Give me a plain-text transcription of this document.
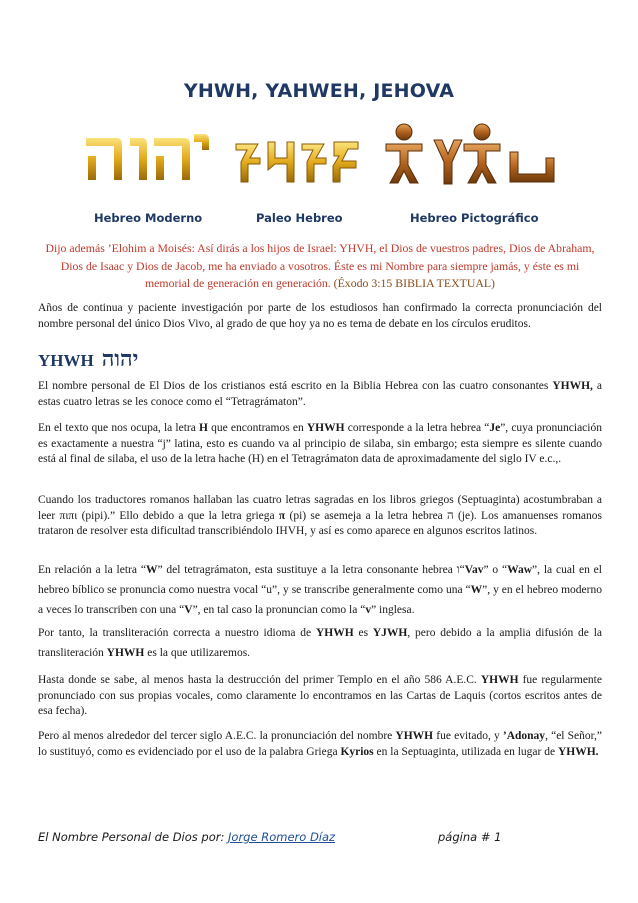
YHWH, YAHWEH, JEHOVA
Hebreo Moderno	Paleo Hebreo	Hebreo Pictográfico
Dijo además ’Elohim a Moisés: Así dirás a los hijos de Israel: YHVH, el Dios de vuestros padres, Dios de Abraham, Dios de Isaac y Dios de Jacob, me ha enviado a vosotros. Éste es mi Nombre para siempre jamás, y éste es mi memorial de generación en generación. (Éxodo 3:15 BIBLIA TEXTUAL)
Años de continua y paciente investigación por parte de los estudiosos han confirmado la correcta pronunciación del nombre personal del único Dios Vivo, al grado de que hoy ya no es tema de debate en los círculos eruditos.
YHWH יהוה
El nombre personal de El Dios de los cristianos está escrito en la Biblia Hebrea con las cuatro consonantes YHWH, a estas cuatro letras se les conoce como el “Tetragrámaton”.
En el texto que nos ocupa, la letra H que encontramos en YHWH corresponde a la letra hebrea “Je”, cuya pronunciación es exactamente a nuestra “j” latina, esto es cuando va al principio de silaba, sin embargo; esta siempre es silente cuando está al final de silaba, el uso de la letra hache (H) en el Tetragrámaton data de aproximadamente del siglo IV e.c.,.
Cuando los traductores romanos hallaban las cuatro letras sagradas en los libros griegos (Septuaginta) acostumbraban a leer πιπι (pipi).” Ello debido a que la letra griega π (pi) se asemeja a la letra hebrea ה (je). Los amanuenses romanos trataron de resolver esta dificultad transcribiéndolo IHVH, y así es como aparece en algunos escritos latinos.
En relación a la letra “W” del tetragrámaton, esta sustituye a la letra consonante hebrea ו“Vav” o “Waw”, la cual en el hebreo bíblico se pronuncia como nuestra vocal “u”, y se transcribe generalmente como una “W”, y en el hebreo moderno a veces lo transcriben con una “V”, en tal caso la pronuncian como la “v” inglesa.
Por tanto, la transliteración correcta a nuestro idioma de YHWH es YJWH, pero debido a la amplia difusión de la transliteración YHWH es la que utilizaremos.
Hasta donde se sabe, al menos hasta la destrucción del primer Templo en el año 586 A.E.C. YHWH fue regularmente pronunciado con sus propias vocales, como claramente lo encontramos en las Cartas de Laquis (cortos escritos antes de esa fecha).
Pero al menos alrededor del tercer siglo A.E.C. la pronunciación del nombre YHWH fue evitado, y ’Adonay, “el Señor,” lo sustituyó, como es evidenciado por el uso de la palabra Griega Kyrios en la Septuaginta, utilizada en lugar de YHWH.
El Nombre Personal de Dios por: Jorge Romero Díaz	página # 1
